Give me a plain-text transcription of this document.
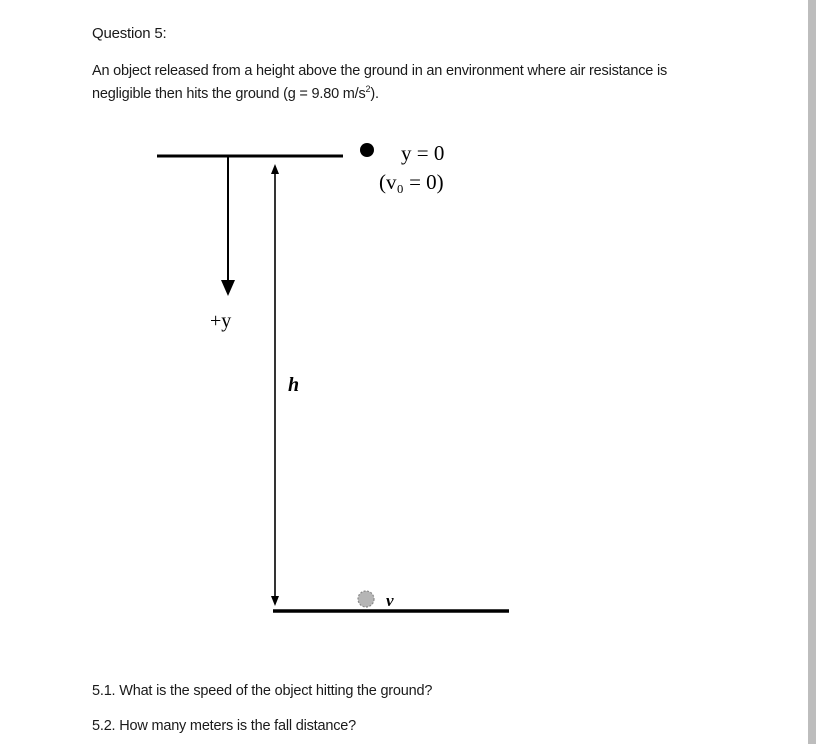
Question 5:
An object released from a height above the ground in an environment where air resistance is negligible then hits the ground (g = 9.80 $m/s^2$).
y = 0
(v₀ = 0)
+y
h
v
5.1. What is the speed of the object hitting the ground?
5.2. How many meters is the fall distance?
